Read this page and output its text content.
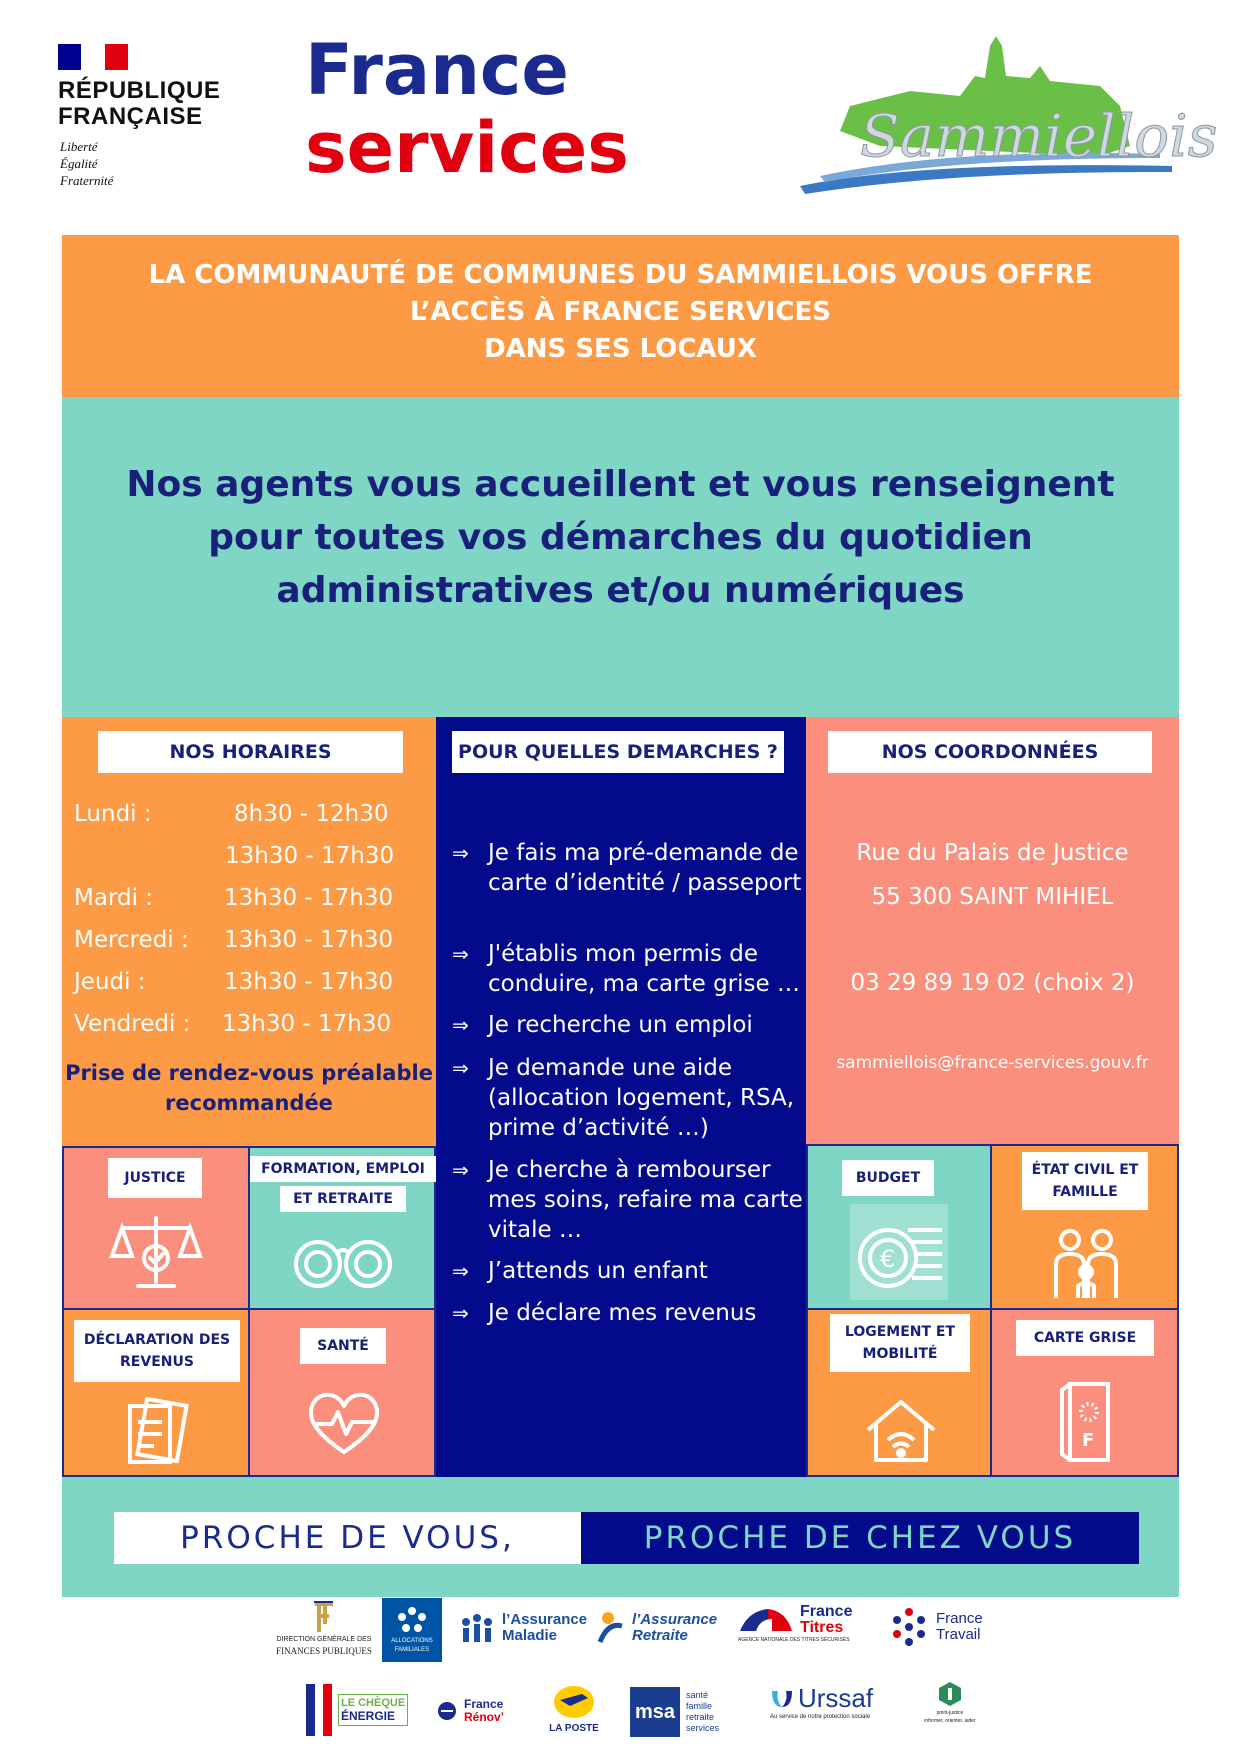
RÉPUBLIQUE
FRANÇAISE
Liberté
Égalité
Fraternité
France
services	Sammiellois
LA COMMUNAUTÉ DE COMMUNES DU SAMMIELLOIS VOUS OFFRE
L’ACCÈS À FRANCE SERVICES
DANS SES LOCAUX
Nos agents vous accueillent et vous renseignent
pour toutes vos démarches du quotidien
administratives et/ou numériques
NOS HORAIRES
Lundi :	8h30 - 12h30
13h30 - 17h30
Mardi :	13h30 - 17h30
Mercredi : 13h30 - 17h30
Jeudi :	13h30 - 17h30
Vendredi : 13h30 - 17h30
Prise de rendez-vous préalable
recommandée
POUR QUELLES DEMARCHES ?
⇒ Je fais ma pré-demande de carte d’identité / passeport
⇒ J'établis mon permis de conduire, ma carte grise …
⇒ Je recherche un emploi
⇒ Je demande une aide (allocation logement, RSA, prime d’activité …)
⇒ Je cherche à rembourser mes soins, refaire ma carte vitale …
⇒ J’attends un enfant
⇒ Je déclare mes revenus
NOS COORDONNÉES
Rue du Palais de Justice
55 300 SAINT MIHIEL
03 29 89 19 02 (choix 2)
sammiellois@france-services.gouv.fr
JUSTICE
FORMATION, EMPLOI
ET RETRAITE
DÉCLARATION DES
REVENUS
SANTÉ
BUDGET
€
ÉTAT CIVIL ET
FAMILLE
LOGEMENT ET
MOBILITÉ
CARTE GRISE
F
PROCHE DE VOUS,	PROCHE DE CHEZ VOUS
DIRECTION GÉNÉRALE DES
FINANCES PUBLIQUES
ALLOCATIONS
FAMILIALES
l’Assurance
Maladie
l’Assurance
Retraite
France
Titres
AGENCE NATIONALE DES TITRES SÉCURISÉS
France
Travail
LE CHÈQUE
ÉNERGIE
France
Rénov’
LA POSTE
msa
santé
famille
retraite
services
Urssaf
Au service de notre protection sociale
point-justice
informer, orienter, aider
